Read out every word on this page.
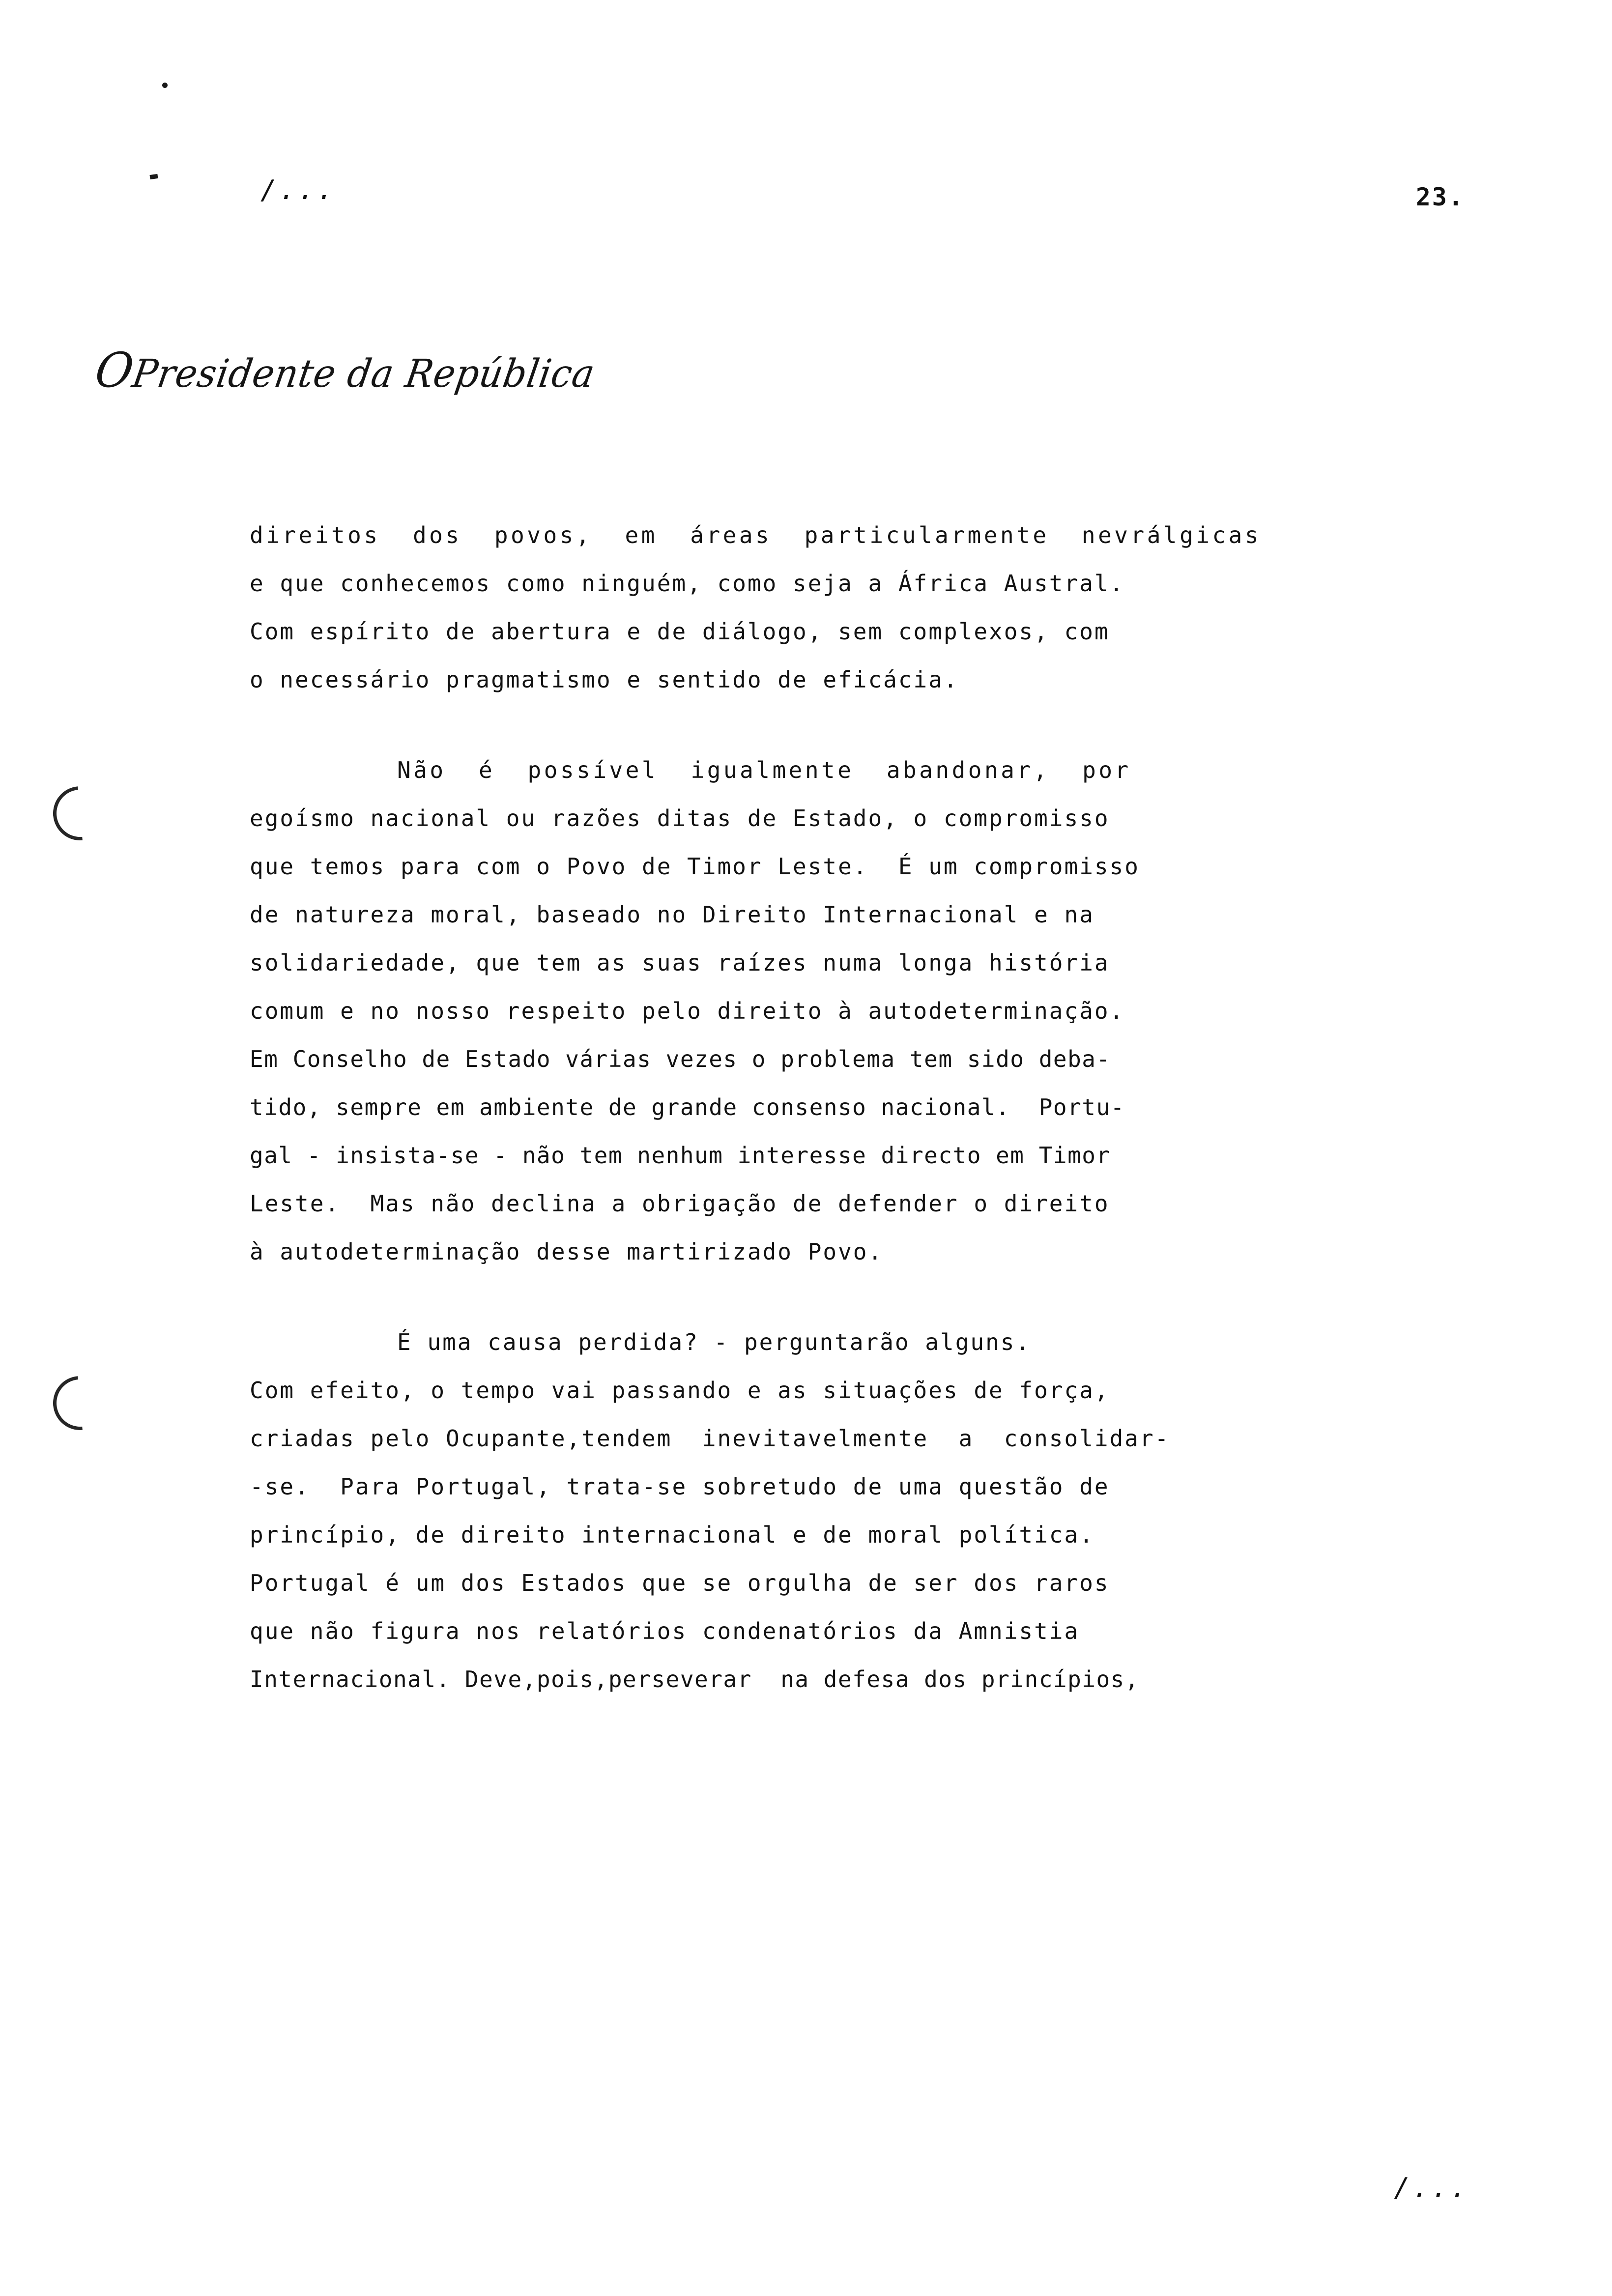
/...	23.
OPresidente da República
direitos  dos  povos,  em  áreas  particularmente  nevrálgicas
e que conhecemos como ninguém, como seja a África Austral.
Com espírito de abertura e de diálogo, sem complexos, com
o necessário pragmatismo e sentido de eficácia.
Não  é  possível  igualmente  abandonar,  por
egoísmo nacional ou razões ditas de Estado, o compromisso
que temos para com o Povo de Timor Leste.  É um compromisso
de natureza moral, baseado no Direito Internacional e na
solidariedade, que tem as suas raízes numa longa história
comum e no nosso respeito pelo direito à autodeterminação.
Em Conselho de Estado várias vezes o problema tem sido deba-
tido, sempre em ambiente de grande consenso nacional.  Portu-
gal - insista-se - não tem nenhum interesse directo em Timor
Leste.  Mas não declina a obrigação de defender o direito
à autodeterminação desse martirizado Povo.
É uma causa perdida? - perguntarão alguns.
Com efeito, o tempo vai passando e as situações de força,
criadas pelo Ocupante,tendem  inevitavelmente  a  consolidar-
-se.  Para Portugal, trata-se sobretudo de uma questão de
princípio, de direito internacional e de moral política.
Portugal é um dos Estados que se orgulha de ser dos raros
que não figura nos relatórios condenatórios da Amnistia
Internacional. Deve,pois,perseverar  na defesa dos princípios,
/...
